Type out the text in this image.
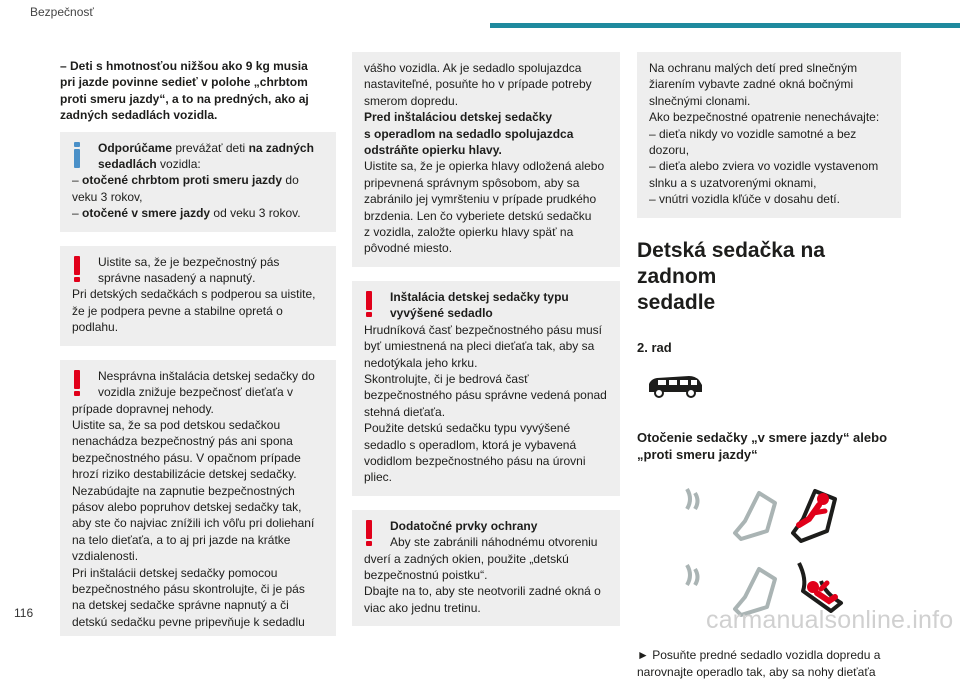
Bezpečnosť
– Deti s hmotnosťou nižšou ako 9 kg musia
pri jazde povinne sedieť v polohe „chrbtom
proti smeru jazdy“, a to na predných, ako aj
zadných sedadlách vozidla.
Odporúčame prevážať deti na zadných
sedadlách vozidla:
– otočené chrbtom proti smeru jazdy do
veku 3 rokov,
– otočené v smere jazdy od veku 3 rokov.
Uistite sa, že je bezpečnostný pás
správne nasadený a napnutý.
Pri detských sedačkách s podperou sa uistite,
že je podpera pevne a stabilne opretá o
podlahu.
Nesprávna inštalácia detskej sedačky do
vozidla znižuje bezpečnosť dieťaťa v
prípade dopravnej nehody.
Uistite sa, že sa pod detskou sedačkou
nenachádza bezpečnostný pás ani spona
bezpečnostného pásu. V opačnom prípade
hrozí riziko destabilizácie detskej sedačky.
Nezabúdajte na zapnutie bezpečnostných
pásov alebo popruhov detskej sedačky tak,
aby ste čo najviac znížili ich vôľu pri doliehaní
na telo dieťaťa, a to aj pri jazde na krátke
vzdialenosti.
Pri inštalácii detskej sedačky pomocou
bezpečnostného pásu skontrolujte, či je pás
na detskej sedačke správne napnutý a či
detskú sedačku pevne pripevňuje k sedadlu
vášho vozidla. Ak je sedadlo spolujazdca
nastaviteľné, posuňte ho v prípade potreby
smerom dopredu.
Pred inštaláciou detskej sedačky
s operadlom na sedadlo spolujazdca
odstráňte opierku hlavy.
Uistite sa, že je opierka hlavy odložená alebo
pripevnená správnym spôsobom, aby sa
zabránilo jej vymršteniu v prípade prudkého
brzdenia. Len čo vyberiete detskú sedačku
z vozidla, založte opierku hlavy späť na
pôvodné miesto.
Inštalácia detskej sedačky typu
vyvýšené sedadlo
Hrudníková časť bezpečnostného pásu musí
byť umiestnená na pleci dieťaťa tak, aby sa
nedotýkala jeho krku.
Skontrolujte, či je bedrová časť
bezpečnostného pásu správne vedená ponad
stehná dieťaťa.
Použite detskú sedačku typu vyvýšené
sedadlo s operadlom, ktorá je vybavená
vodidlom bezpečnostného pásu na úrovni
pliec.
Dodatočné prvky ochrany
Aby ste zabránili náhodnému otvoreniu
dverí a zadných okien, použite „detskú
bezpečnostnú poistku“.
Dbajte na to, aby ste neotvorili zadné okná o
viac ako jednu tretinu.
Na ochranu malých detí pred slnečným
žiarením vybavte zadné okná bočnými
slnečnými clonami.
Ako bezpečnostné opatrenie nenechávajte:
– dieťa nikdy vo vozidle samotné a bez
dozoru,
– dieťa alebo zviera vo vozidle vystavenom
slnku a s uzatvorenými oknami,
– vnútri vozidla kľúče v dosahu detí.
Detská sedačka na zadnom
sedadle
2. rad
Otočenie sedačky „v smere jazdy“ alebo
„proti smeru jazdy“
► Posuňte predné sedadlo vozidla dopredu a
narovnajte operadlo tak, aby sa nohy dieťaťa
116	carmanualsonline.info
